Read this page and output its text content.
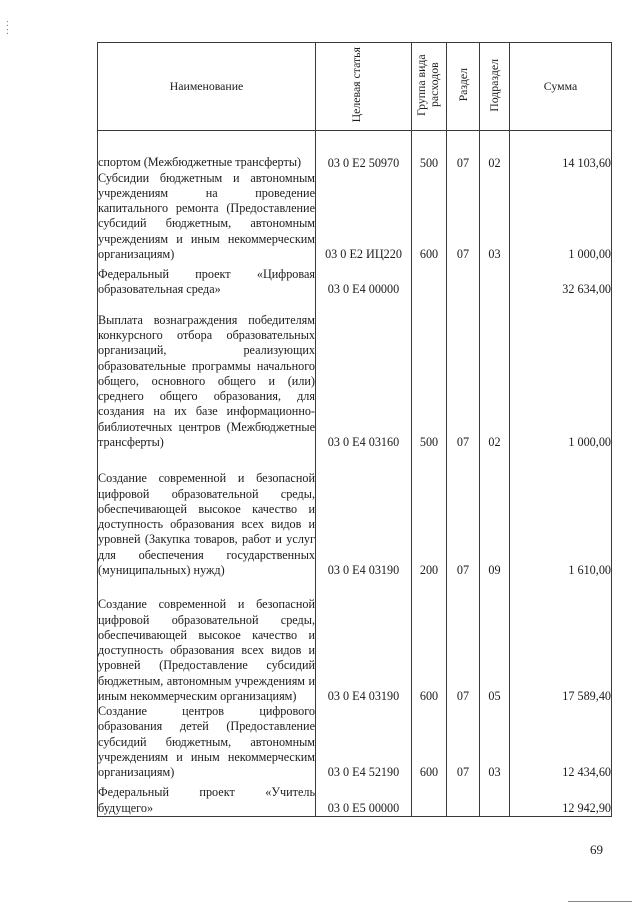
:
:
Наименование	Целевая статья	Группа вида расходов	Раздел	Подраздел	Сумма
спортом (Межбюджетные трансферты)	03 0 E2 50970	500	07	02	14 103,60
Субсидии бюджетным и автономным учреждениям на проведение капитального ремонта (Предоставление субсидий бюджетным, автономным учреждениям и иным некоммерческим организациям)	03 0 E2 ИЦ220	600	07	03	1 000,00
Федеральный проект «Цифровая образовательная среда»	03 0 E4 00000				32 634,00
Выплата вознаграждения победителям конкурсного отбора образовательных организаций, реализующих образовательные программы начального общего, основного общего и (или) среднего общего образования, для создания на их базе информационно-библиотечных центров (Межбюджетные трансферты)	03 0 E4 03160	500	07	02	1 000,00
Создание современной и безопасной цифровой образовательной среды, обеспечивающей высокое качество и доступность образования всех видов и уровней (Закупка товаров, работ и услуг для обеспечения государственных (муниципальных) нужд)	03 0 E4 03190	200	07	09	1 610,00
Создание современной и безопасной цифровой образовательной среды, обеспечивающей высокое качество и доступность образования всех видов и уровней (Предоставление субсидий бюджетным, автономным учреждениям и иным некоммерческим организациям)	03 0 E4 03190	600	07	05	17 589,40
Создание центров цифрового образования детей (Предоставление субсидий бюджетным, автономным учреждениям и иным некоммерческим организациям)	03 0 E4 52190	600	07	03	12 434,60
Федеральный проект «Учитель будущего»	03 0 E5 00000				12 942,90
69
